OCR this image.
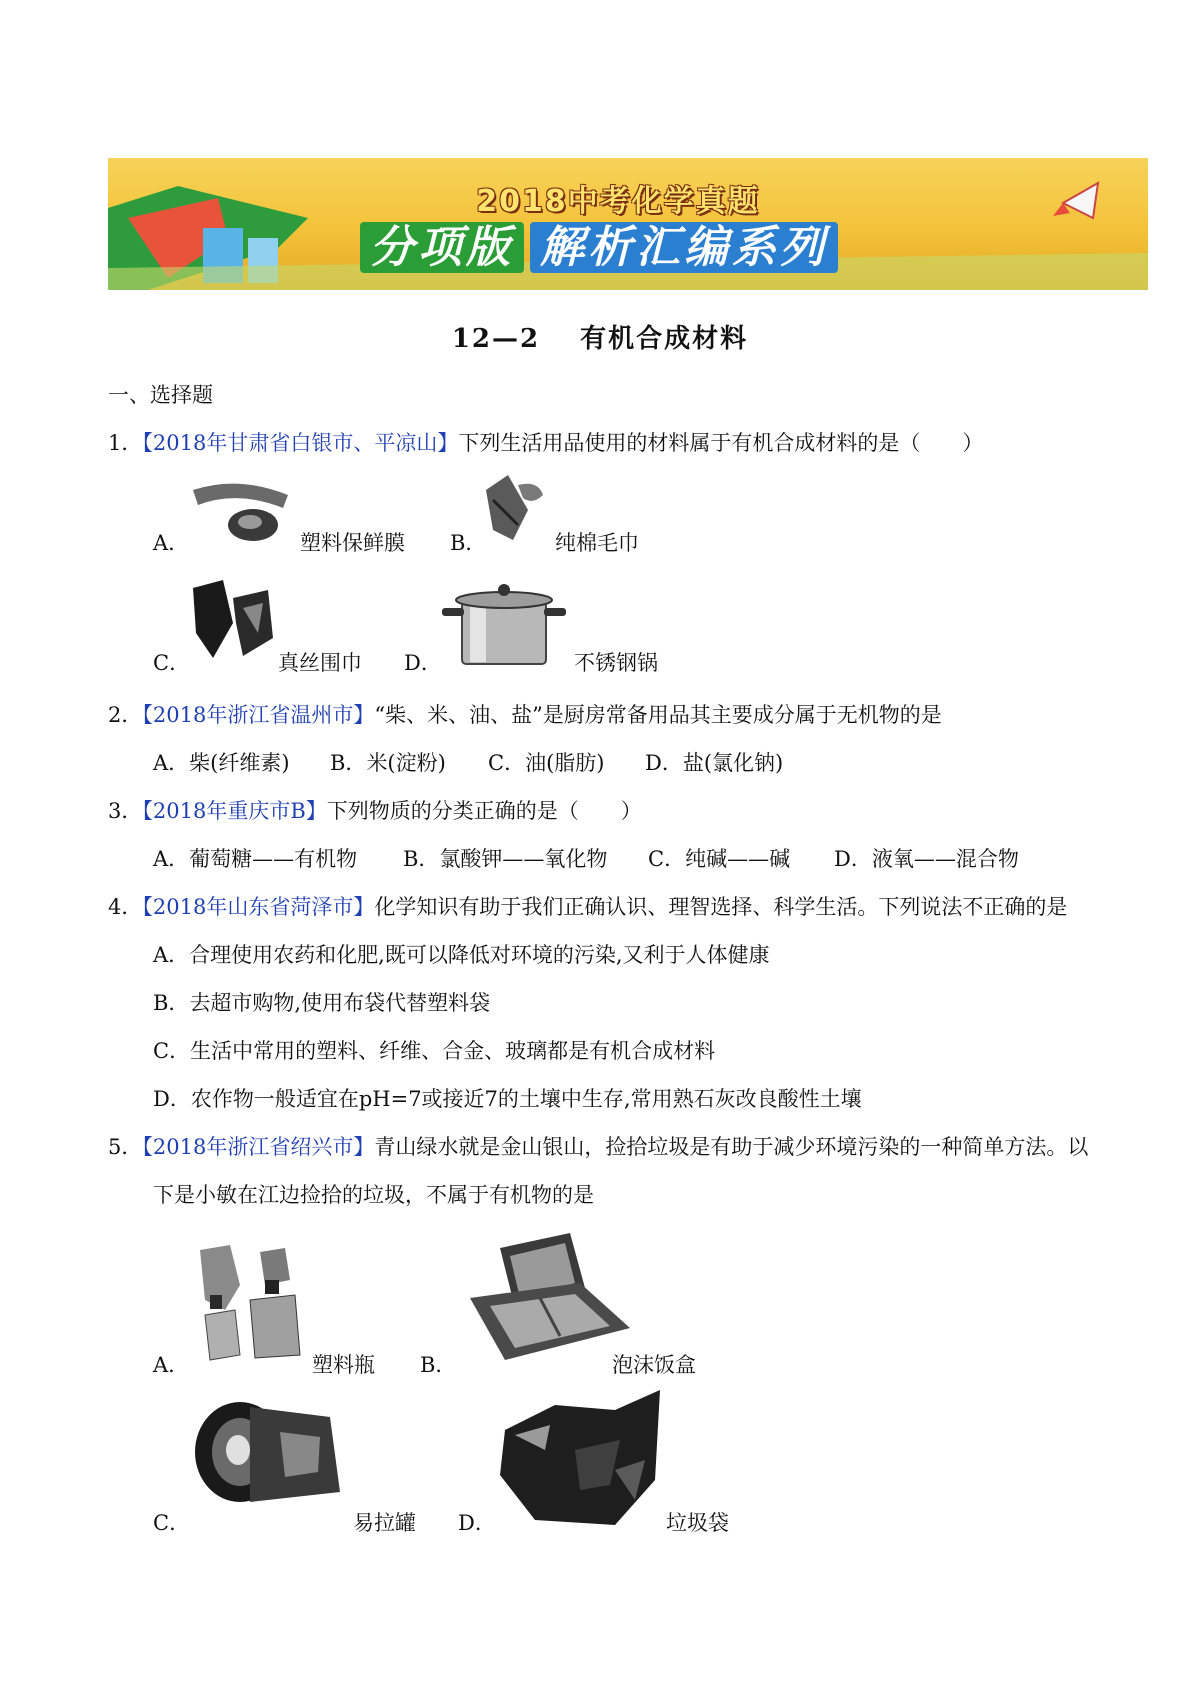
2018中考化学真题
分项版 解析汇编系列
12—2 有机合成材料
一、选择题
1．【2018年甘肃省白银市、平凉山】下列生活用品使用的材料属于有机合成材料的是（　　）
A．	塑料保鲜膜 B．	纯棉毛巾
C．	真丝围巾 D．	不锈钢锅
2．【2018年浙江省温州市】“柴、米、油、盐”是厨房常备用品其主要成分属于无机物的是
A．柴(纤维素) B．米(淀粉) C．油(脂肪) D．盐(氯化钠)
3．【2018年重庆市B】下列物质的分类正确的是（　　）
A．葡萄糖——有机物 B．氯酸钾——氧化物 C．纯碱——碱 D．液氧——混合物
4．【2018年山东省菏泽市】化学知识有助于我们正确认识、理智选择、科学生活。下列说法不正确的是
A．合理使用农药和化肥,既可以降低对环境的污染,又利于人体健康
B．去超市购物,使用布袋代替塑料袋
C．生活中常用的塑料、纤维、合金、玻璃都是有机合成材料
D．农作物一般适宜在pH=7或接近7的土壤中生存,常用熟石灰改良酸性土壤
5．【2018年浙江省绍兴市】青山绿水就是金山银山，捡拾垃圾是有助于减少环境污染的一种简单方法。以
下是小敏在江边捡拾的垃圾，不属于有机物的是
A．	塑料瓶 B．	泡沫饭盒
C．	易拉罐 D．	垃圾袋
